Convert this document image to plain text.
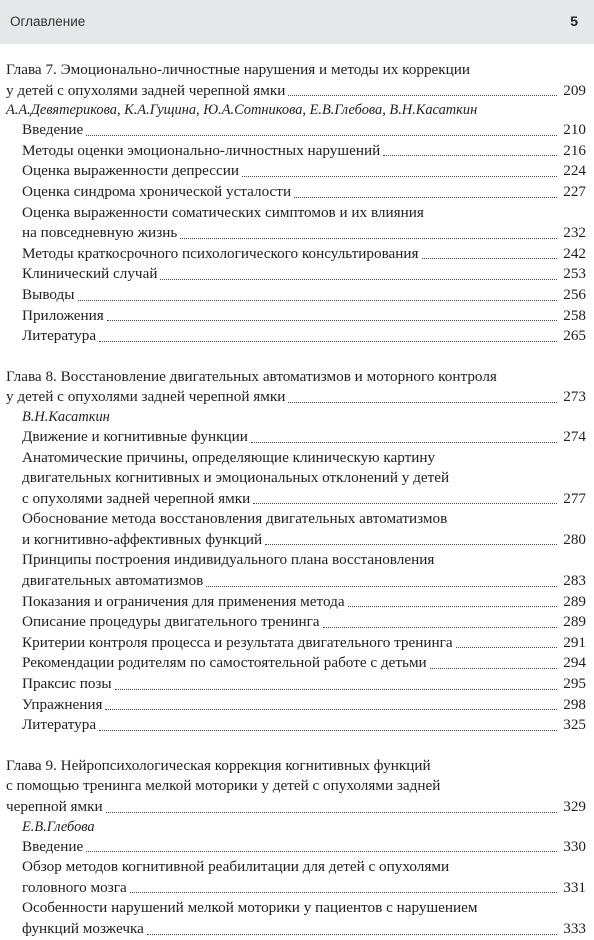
Оглавление	5
Глава 7. Эмоционально-личностные нарушения и методы их коррекции
у детей с опухолями задней черепной ямки	209
А.А.Девятерикова, К.А.Гущина, Ю.А.Сотникова, Е.В.Глебова, В.Н.Касаткин
Введение	210
Методы оценки эмоционально-личностных нарушений	216
Оценка выраженности депрессии	224
Оценка синдрома хронической усталости	227
Оценка выраженности соматических симптомов и их влияния
на повседневную жизнь	232
Методы краткосрочного психологического консультирования	242
Клинический случай	253
Выводы	256
Приложения	258
Литература	265
Глава 8. Восстановление двигательных автоматизмов и моторного контроля
у детей с опухолями задней черепной ямки	273
В.Н.Касаткин
Движение и когнитивные функции	274
Анатомические причины, определяющие клиническую картину
двигательных когнитивных и эмоциональных отклонений у детей
с опухолями задней черепной ямки	277
Обоснование метода восстановления двигательных автоматизмов
и когнитивно-аффективных функций	280
Принципы построения индивидуального плана восстановления
двигательных автоматизмов	283
Показания и ограничения для применения метода	289
Описание процедуры двигательного тренинга	289
Критерии контроля процесса и результата двигательного тренинга	291
Рекомендации родителям по самостоятельной работе с детьми	294
Праксис позы	295
Упражнения	298
Литература	325
Глава 9. Нейропсихологическая коррекция когнитивных функций
с помощью тренинга мелкой моторики у детей с опухолями задней
черепной ямки	329
Е.В.Глебова
Введение	330
Обзор методов когнитивной реабилитации для детей с опухолями
головного мозга	331
Особенности нарушений мелкой моторики у пациентов с нарушением
функций мозжечка	333
